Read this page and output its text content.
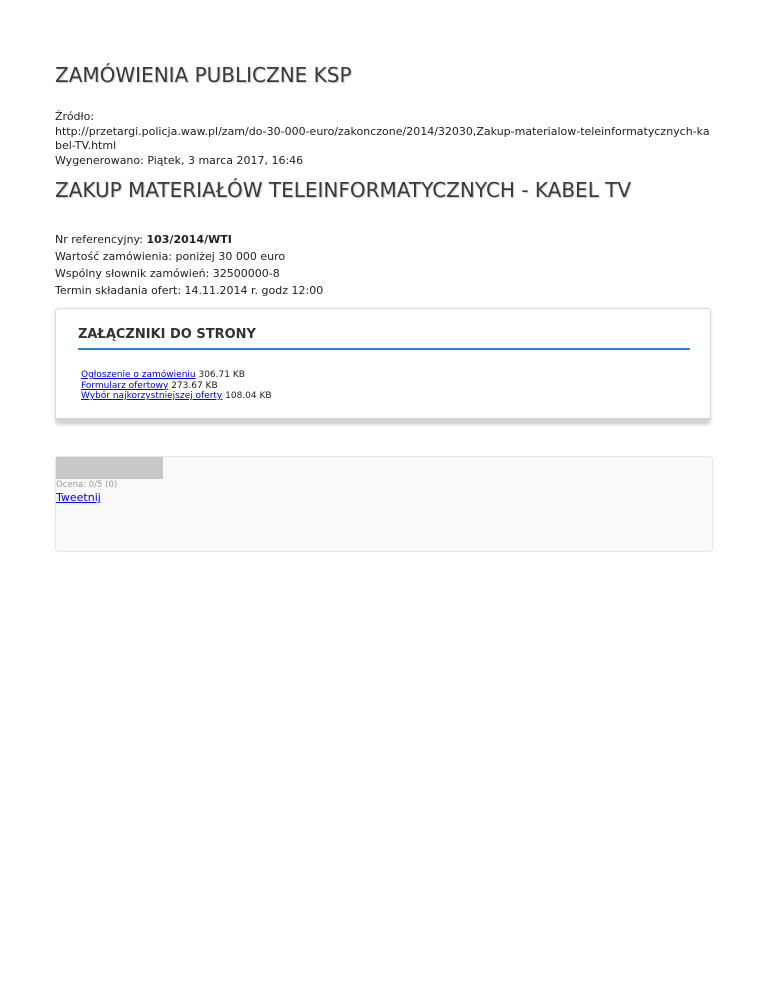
ZAMÓWIENIA PUBLICZNE KSP
Źródło:
http://przetargi.policja.waw.pl/zam/do-30-000-euro/zakonczone/2014/32030,Zakup-materialow-teleinformatycznych-kabel-TV.html
Wygenerowano: Piątek, 3 marca 2017, 16:46
ZAKUP MATERIAŁÓW TELEINFORMATYCZNYCH - KABEL TV
Nr referencyjny: 103/2014/WTI
Wartość zamówienia: poniżej 30 000 euro
Wspólny słownik zamówień: 32500000-8
Termin składania ofert: 14.11.2014 r. godz 12:00
ZAŁĄCZNIKI DO STRONY
Ogłoszenie o zamówieniu 306.71 KB
Formularz ofertowy 273.67 KB
Wybór najkorzystniejszej oferty 108.04 KB
Ocena: 0/5 (0)
Tweetnij
